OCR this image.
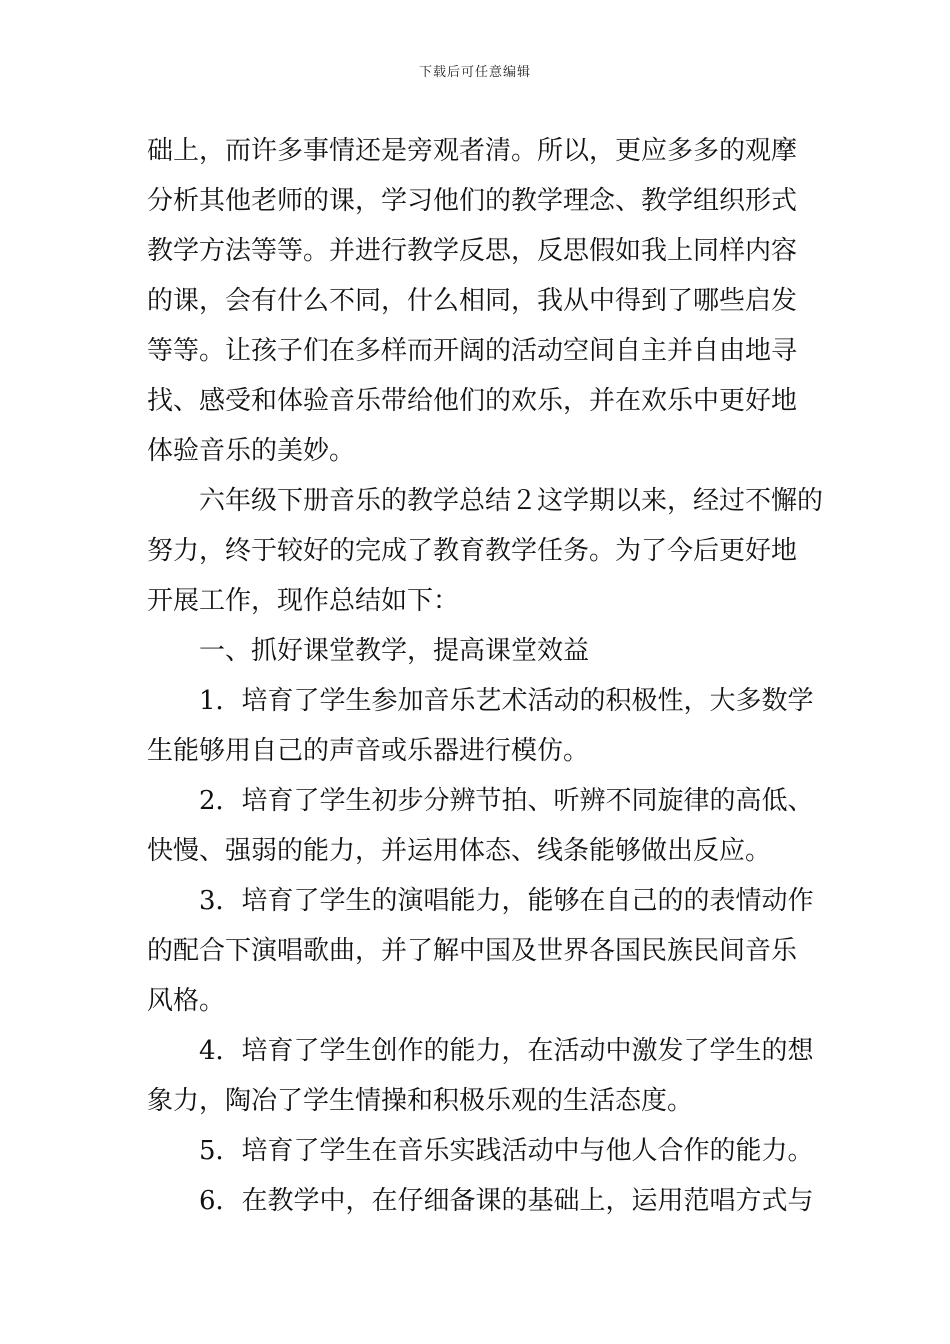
下载后可任意编辑
础上，而许多事情还是旁观者清。所以，更应多多的观摩
分析其他老师的课，学习他们的教学理念、教学组织形式
教学方法等等。并进行教学反思，反思假如我上同样内容
的课，会有什么不同，什么相同，我从中得到了哪些启发
等等。让孩子们在多样而开阔的活动空间自主并自由地寻
找、感受和体验音乐带给他们的欢乐，并在欢乐中更好地
体验音乐的美妙。
六年级下册音乐的教学总结２这学期以来，经过不懈的
努力，终于较好的完成了教育教学任务。为了今后更好地
开展工作，现作总结如下：
一、抓好课堂教学，提高课堂效益
1．培育了学生参加音乐艺术活动的积极性，大多数学
生能够用自己的声音或乐器进行模仿。
2．培育了学生初步分辨节拍、听辨不同旋律的高低、
快慢、强弱的能力，并运用体态、线条能够做出反应。
3．培育了学生的演唱能力，能够在自己的的表情动作
的配合下演唱歌曲，并了解中国及世界各国民族民间音乐
风格。
4．培育了学生创作的能力，在活动中激发了学生的想
象力，陶冶了学生情操和积极乐观的生活态度。
5．培育了学生在音乐实践活动中与他人合作的能力。
6．在教学中，在仔细备课的基础上，运用范唱方式与
